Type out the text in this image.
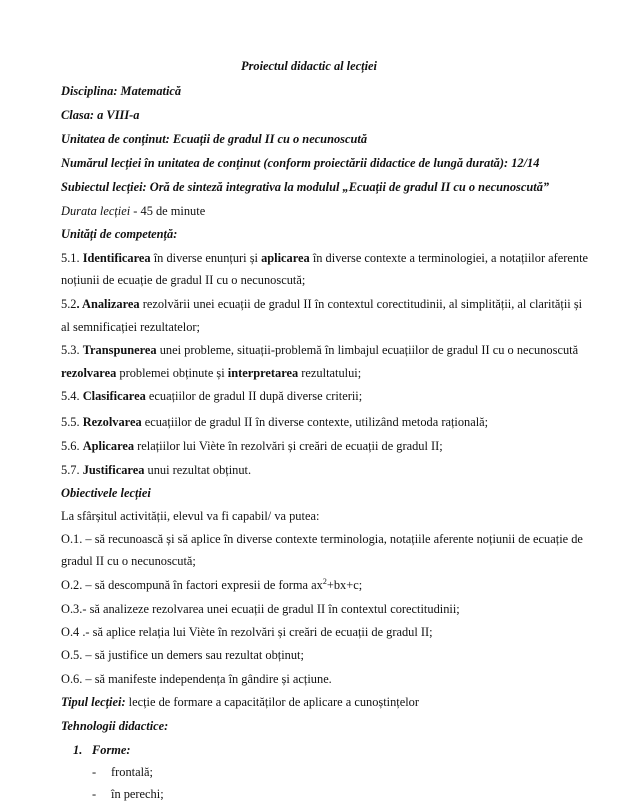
Proiectul didactic al lecției
Disciplina: Matematică
Clasa: a VIII-a
Unitatea de conținut: Ecuații de gradul II cu o necunoscută
Numărul lecției în unitatea de conținut (conform proiectării didactice de lungă durată): 12/14
Subiectul lecției: Oră de sinteză integrativa la modulul „Ecuații de gradul II cu o necunoscută”
Durata lecției - 45 de minute
Unități de competență:
5.1. Identificarea în diverse enunțuri și aplicarea în diverse contexte a terminologiei, a notațiilor aferente
noțiunii de ecuație de gradul II cu o necunoscută;
5.2. Analizarea rezolvării unei ecuații de gradul II în contextul corectitudinii, al simplității, al clarității și
al semnificației rezultatelor;
5.3. Transpunerea unei probleme, situații-problemă în limbajul ecuațiilor de gradul II cu o necunoscută
rezolvarea problemei obținute și interpretarea rezultatului;
5.4. Clasificarea ecuațiilor de gradul II după diverse criterii;
5.5. Rezolvarea ecuațiilor de gradul II în diverse contexte, utilizând metoda rațională;
5.6. Aplicarea relațiilor lui Viète în rezolvări și creări de ecuații de gradul II;
5.7. Justificarea unui rezultat obținut.
Obiectivele lecției
La sfârșitul activității, elevul va fi capabil/ va putea:
O.1. – să recunoască și să aplice în diverse contexte terminologia, notațiile aferente noțiunii de ecuație de
gradul II cu o necunoscută;
O.2. – să descompună în factori expresii de forma $ax^2+bx+c$;
O.3.- să analizeze rezolvarea unei ecuații de gradul II în contextul corectitudinii;
O.4 .- să aplice relația lui Viète în rezolvări și creări de ecuații de gradul II;
O.5. – să justifice un demers sau rezultat obținut;
O.6. – să manifeste independența în gândire și acțiune.
Tipul lecției: lecție de formare a capacităților de aplicare a cunoștințelor
Tehnologii didactice:
1. Forme:
- frontală;
- în perechi;
